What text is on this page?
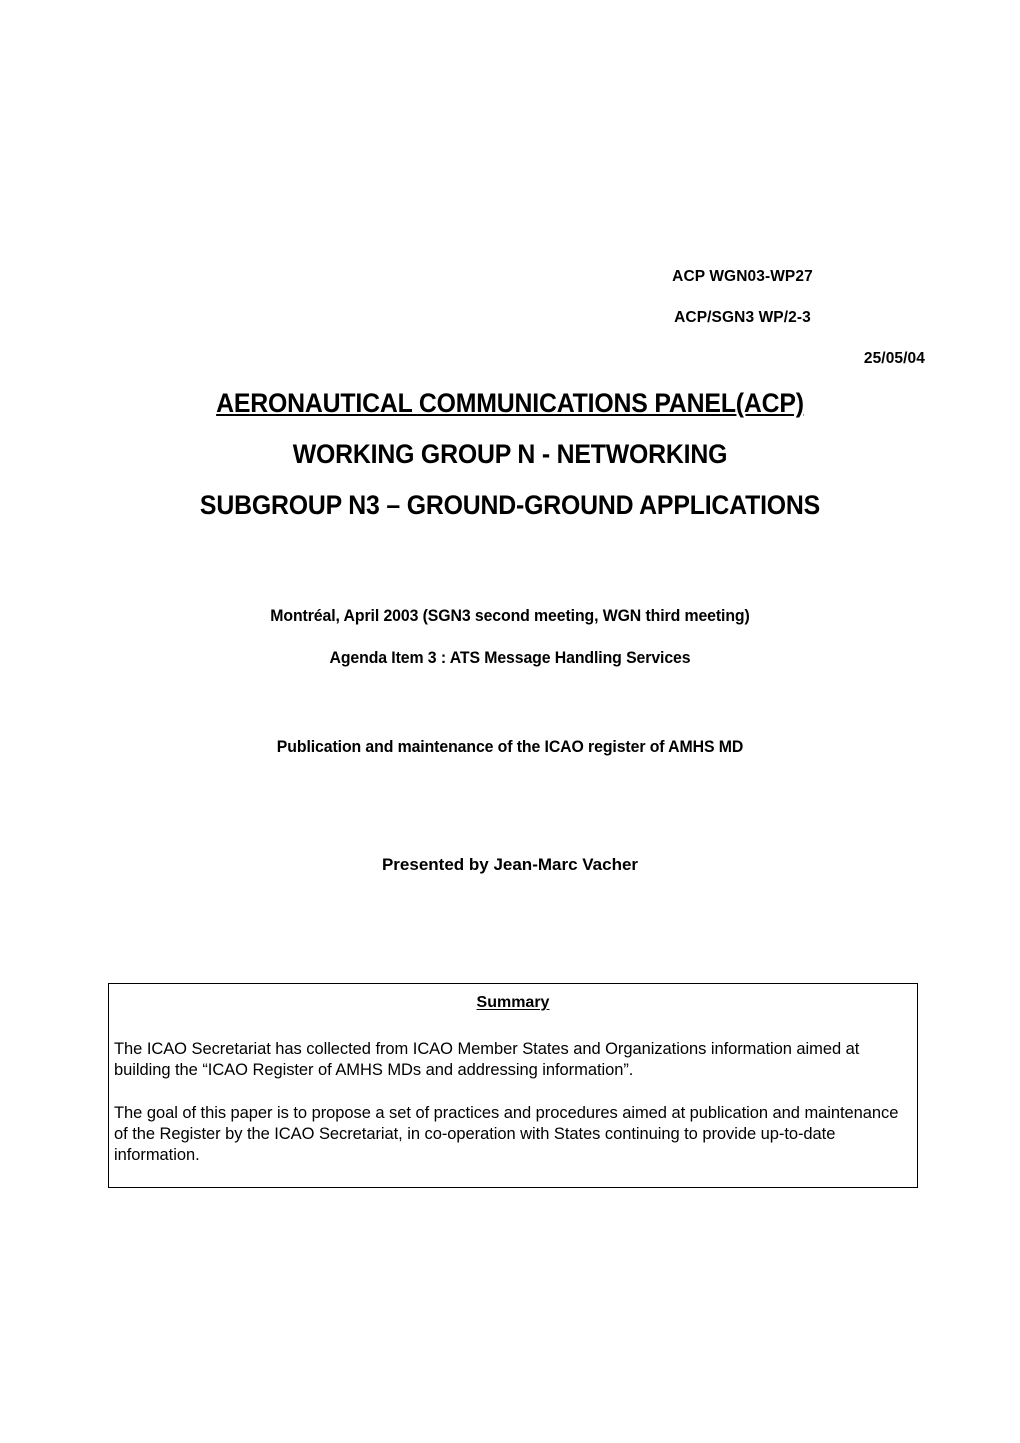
ACP WGN03-WP27

ACP/SGN3 WP/2-3

25/05/04

AERONAUTICAL COMMUNICATIONS PANEL(ACP)
WORKING GROUP N - NETWORKING
SUBGROUP N3 – GROUND-GROUND APPLICATIONS

Montréal, April 2003 (SGN3 second meeting, WGN third meeting)

Agenda Item 3 : ATS Message Handling Services

Publication and maintenance of the ICAO register of AMHS MD

Presented by Jean-Marc Vacher

Summary

The ICAO Secretariat has collected from ICAO Member States and Organizations information aimed at building the “ICAO Register of AMHS MDs and addressing information”.

The goal of this paper is to propose a set of practices and procedures aimed at publication and maintenance of the Register by the ICAO Secretariat, in co-operation with States continuing to provide up-to-date information.
